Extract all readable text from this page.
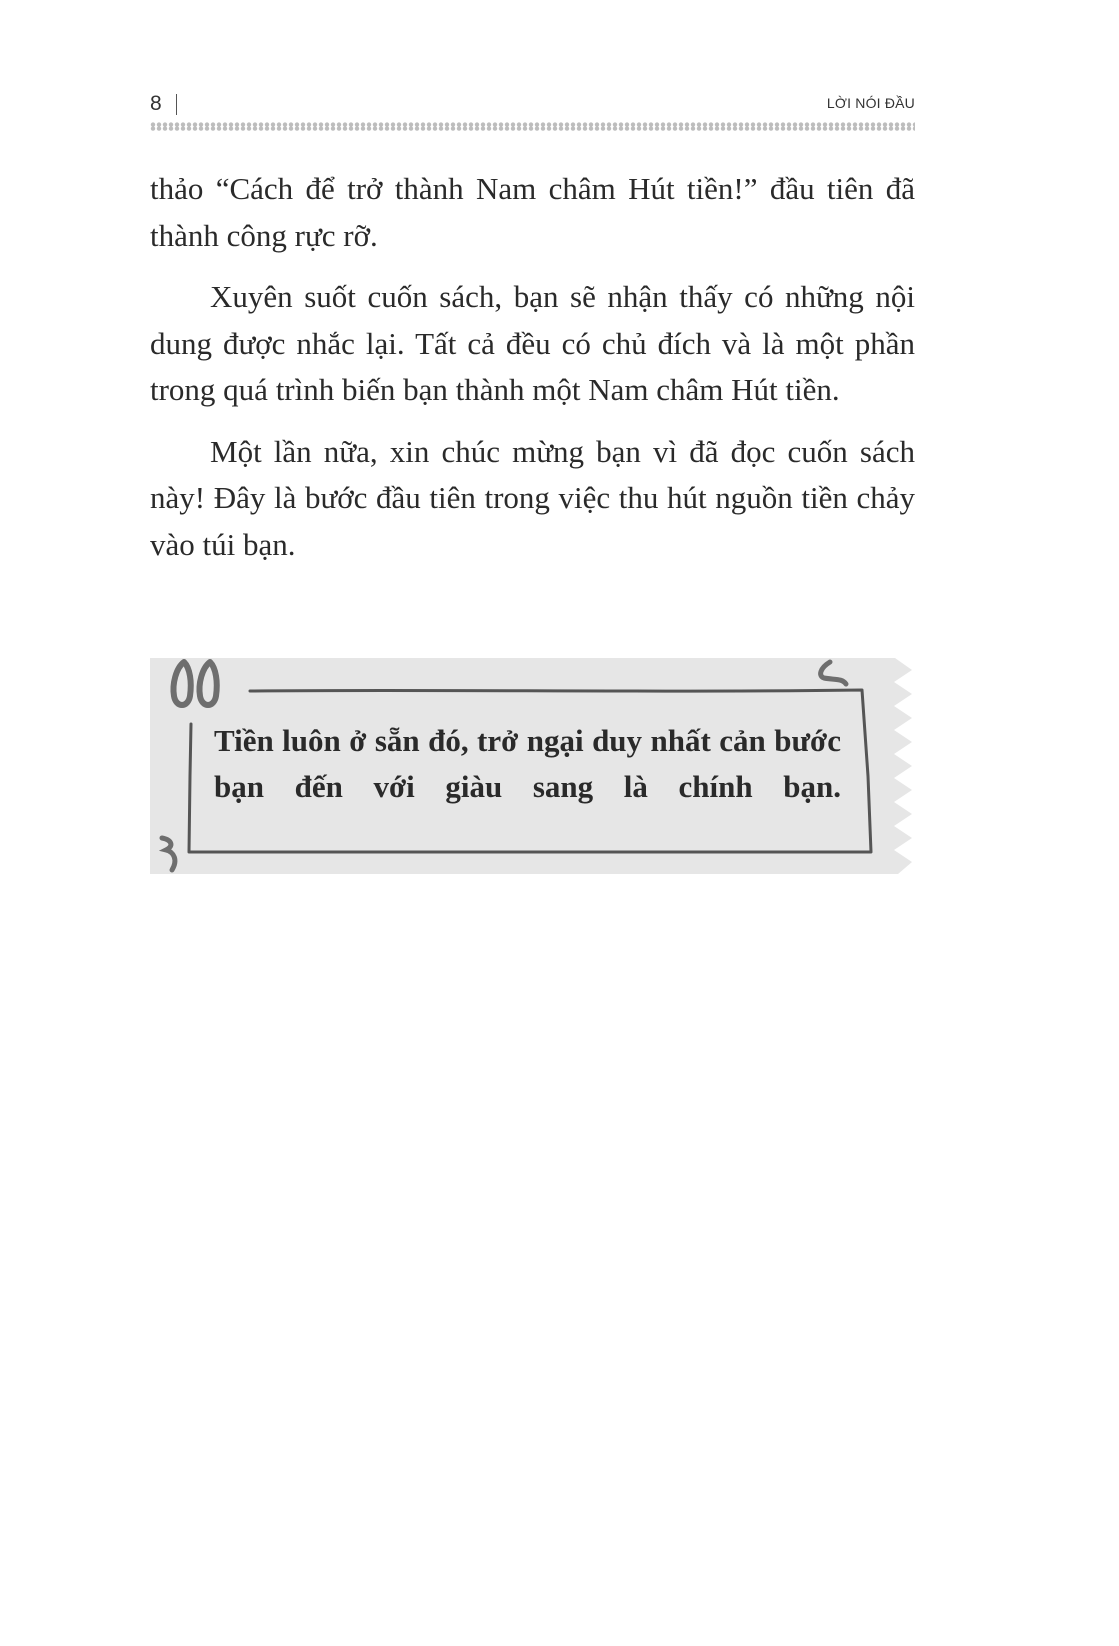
8	LỜI NÓI ĐẦU

thảo “Cách để trở thành Nam châm Hút tiền!” đầu tiên đã thành công rực rỡ.

Xuyên suốt cuốn sách, bạn sẽ nhận thấy có những nội dung được nhắc lại. Tất cả đều có chủ đích và là một phần trong quá trình biến bạn thành một Nam châm Hút tiền.

Một lần nữa, xin chúc mừng bạn vì đã đọc cuốn sách này! Đây là bước đầu tiên trong việc thu hút nguồn tiền chảy vào túi bạn.

Tiền luôn ở sẵn đó, trở ngại duy nhất cản bước bạn đến với giàu sang là chính bạn.
